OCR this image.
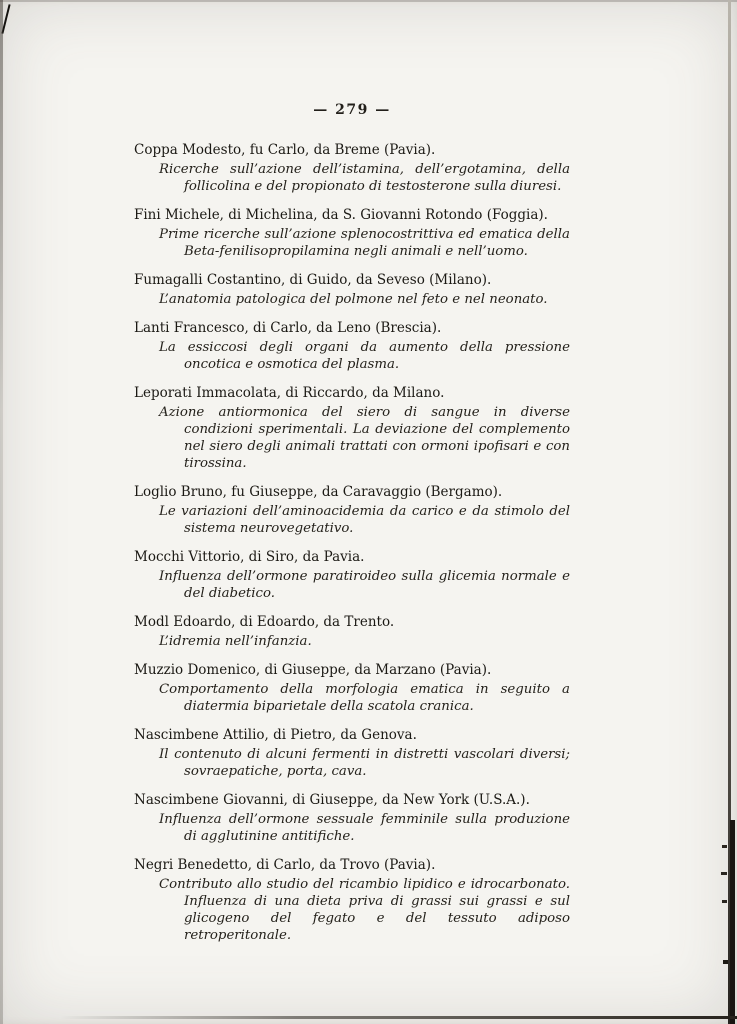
— 279 —
Coppa Modesto, fu Carlo, da Breme (Pavia).
Ricerche sull’azione dell’istamina, dell’ergotamina, della follicolina e del propionato di testosterone sulla diuresi.
Fini Michele, di Michelina, da S. Giovanni Rotondo (Foggia).
Prime ricerche sull’azione splenocostrittiva ed ematica della Beta-fenilisopropilamina negli animali e nell’uomo.
Fumagalli Costantino, di Guido, da Seveso (Milano).
L’anatomia patologica del polmone nel feto e nel neonato.
Lanti Francesco, di Carlo, da Leno (Brescia).
La essiccosi degli organi da aumento della pressione oncotica e osmotica del plasma.
Leporati Immacolata, di Riccardo, da Milano.
Azione antiormonica del siero di sangue in diverse condizioni sperimentali. La deviazione del complemento nel siero degli animali trattati con ormoni ipofisari e con tirossina.
Loglio Bruno, fu Giuseppe, da Caravaggio (Bergamo).
Le variazioni dell’aminoacidemia da carico e da stimolo del sistema neurovegetativo.
Mocchi Vittorio, di Siro, da Pavia.
Influenza dell’ormone paratiroideo sulla glicemia normale e del diabetico.
Modl Edoardo, di Edoardo, da Trento.
L’idremia nell’infanzia.
Muzzio Domenico, di Giuseppe, da Marzano (Pavia).
Comportamento della morfologia ematica in seguito a diatermia biparietale della scatola cranica.
Nascimbene Attilio, di Pietro, da Genova.
Il contenuto di alcuni fermenti in distretti vascolari diversi; sovraepatiche, porta, cava.
Nascimbene Giovanni, di Giuseppe, da New York (U.S.A.).
Influenza dell’ormone sessuale femminile sulla produzione di agglutinine antitifiche.
Negri Benedetto, di Carlo, da Trovo (Pavia).
Contributo allo studio del ricambio lipidico e idrocarbonato. Influenza di una dieta priva di grassi sui grassi e sul glicogeno del fegato e del tessuto adiposo retroperitonale.
